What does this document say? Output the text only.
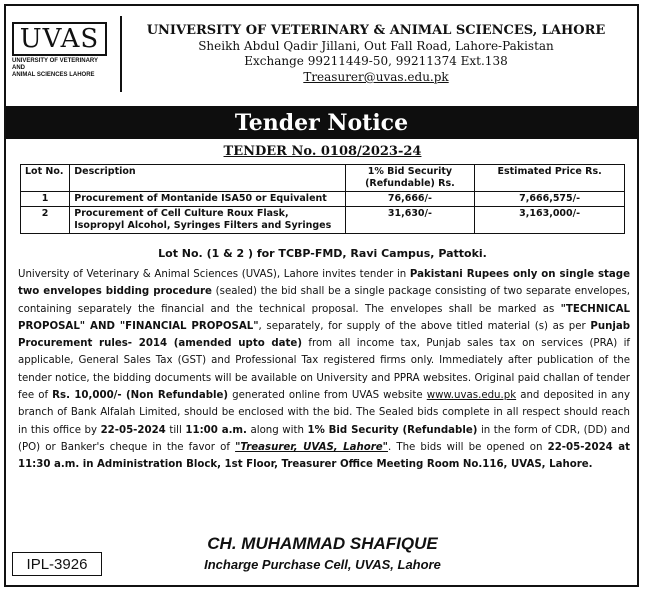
UVAS
UNIVERSITY OF VETERINARY AND
ANIMAL SCIENCES LAHORE
UNIVERSITY OF VETERINARY & ANIMAL SCIENCES, LAHORE
Sheikh Abdul Qadir Jillani, Out Fall Road, Lahore-Pakistan
Exchange 99211449-50, 99211374 Ext.138
Treasurer@uvas.edu.pk
Tender Notice
TENDER No. 0108/2023-24
Lot No.	Description	1% Bid Security (Refundable) Rs.	Estimated Price Rs.
1	Procurement of Montanide ISA50 or Equivalent	76,666/-	7,666,575/-
2	Procurement of Cell Culture Roux Flask, Isopropyl Alcohol, Syringes Filters and Syringes	31,630/-	3,163,000/-
Lot No. (1 & 2 ) for TCBP-FMD, Ravi Campus, Pattoki.
University of Veterinary & Animal Sciences (UVAS), Lahore invites tender in Pakistani Rupees only on single stage two envelopes bidding procedure (sealed) the bid shall be a single package consisting of two separate envelopes, containing separately the financial and the technical proposal. The envelopes shall be marked as "TECHNICAL PROPOSAL" AND "FINANCIAL PROPOSAL", separately, for supply of the above titled material (s) as per Punjab Procurement rules- 2014 (amended upto date) from all income tax, Punjab sales tax on services (PRA) if applicable, General Sales Tax (GST) and Professional Tax registered firms only. Immediately after publication of the tender notice, the bidding documents will be available on University and PPRA websites. Original paid challan of tender fee of Rs. 10,000/- (Non Refundable) generated online from UVAS website www.uvas.edu.pk and deposited in any branch of Bank Alfalah Limited, should be enclosed with the bid. The Sealed bids complete in all respect should reach in this office by 22-05-2024 till 11:00 a.m. along with 1% Bid Security (Refundable) in the form of CDR, (DD) and (PO) or Banker's cheque in the favor of "Treasurer, UVAS, Lahore". The bids will be opened on 22-05-2024 at 11:30 a.m. in Administration Block, 1st Floor, Treasurer Office Meeting Room No.116, UVAS, Lahore.
CH. MUHAMMAD SHAFIQUE
Incharge Purchase Cell, UVAS, Lahore
IPL-3926
